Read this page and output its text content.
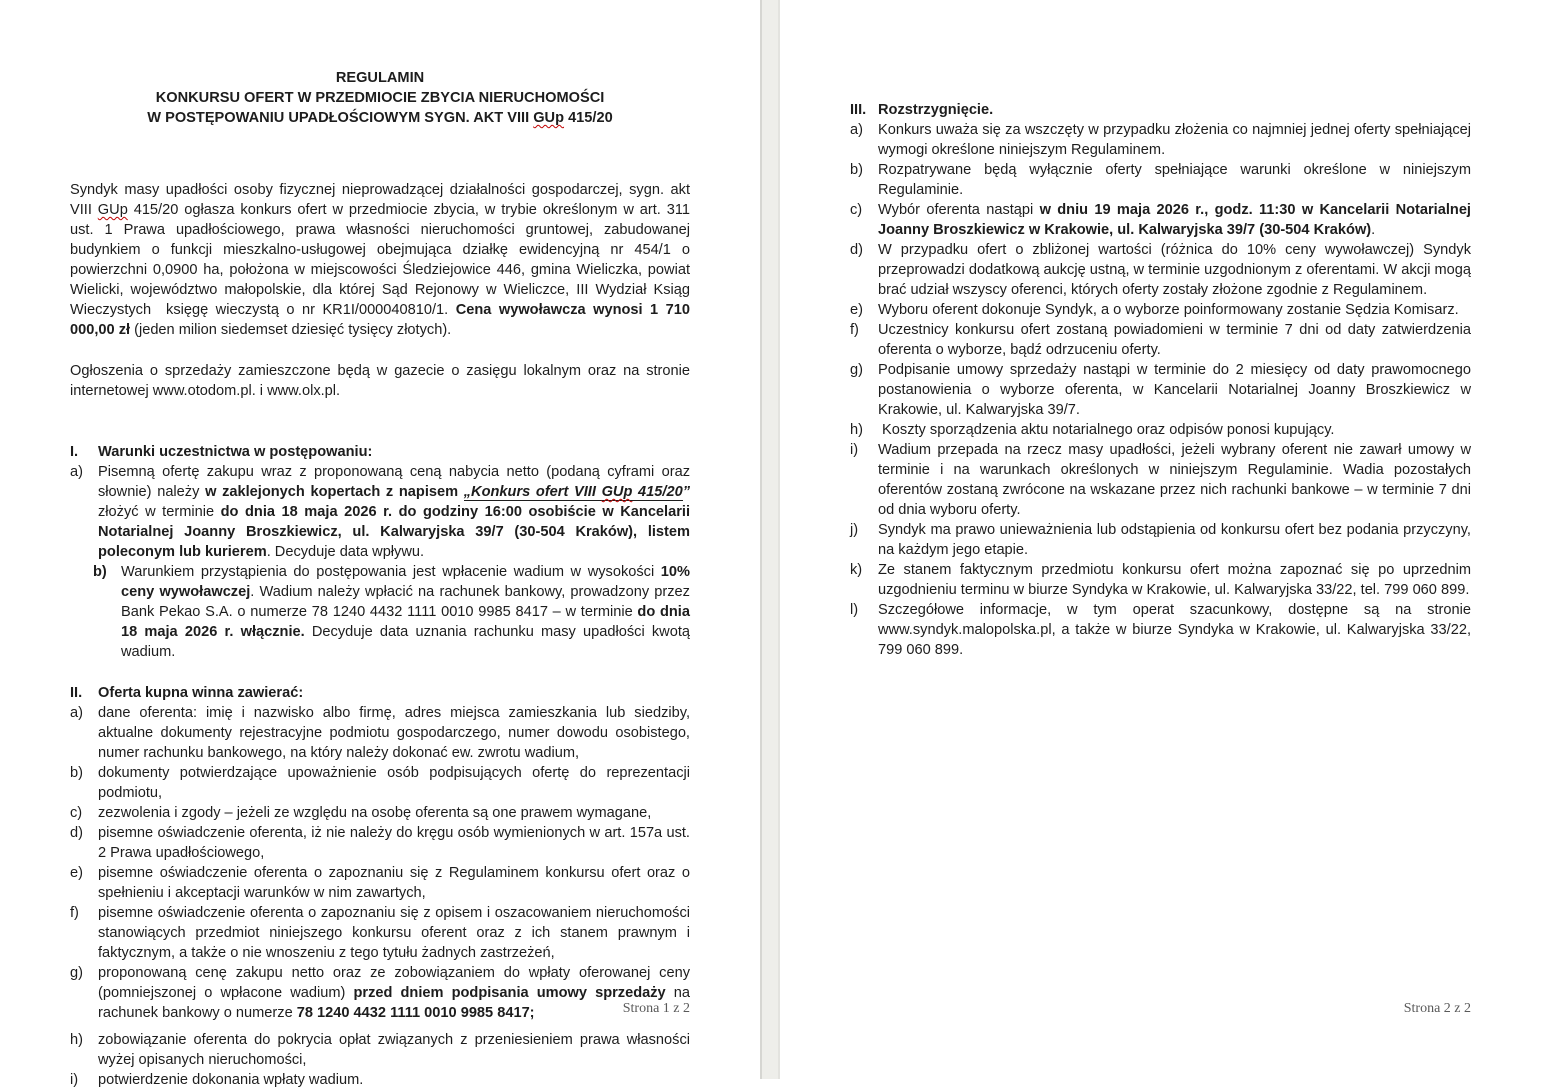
REGULAMIN
KONKURSU OFERT W PRZEDMIOCIE ZBYCIA NIERUCHOMOŚCI
W POSTĘPOWANIU UPADŁOŚCIOWYM SYGN. AKT VIII GUp 415/20
Syndyk masy upadłości osoby fizycznej nieprowadzącej działalności gospodarczej, sygn. akt VIII GUp 415/20 ogłasza konkurs ofert w przedmiocie zbycia, w trybie określonym w art. 311 ust. 1 Prawa upadłościowego, prawa własności nieruchomości gruntowej, zabudowanej budynkiem o funkcji mieszkalno-usługowej obejmująca działkę ewidencyjną nr 454/1 o powierzchni 0,0900 ha, położona w miejscowości Śledziejowice 446, gmina Wieliczka, powiat Wielicki, województwo małopolskie, dla której Sąd Rejonowy w Wieliczce, III Wydział Ksiąg Wieczystych  księgę wieczystą o nr KR1I/000040810/1. Cena wywoławcza wynosi 1 710 000,00 zł (jeden milion siedemset dziesięć tysięcy złotych).
Ogłoszenia o sprzedaży zamieszczone będą w gazecie o zasięgu lokalnym oraz na stronie internetowej www.otodom.pl. i www.olx.pl.
I. Warunki uczestnictwa w postępowaniu:
a) Pisemną ofertę zakupu wraz z proponowaną ceną nabycia netto (podaną cyframi oraz słownie) należy w zaklejonych kopertach z napisem „Konkurs ofert VIII GUp 415/20” złożyć w terminie do dnia 18 maja 2026 r. do godziny 16:00 osobiście w Kancelarii Notarialnej Joanny Broszkiewicz, ul. Kalwaryjska 39/7 (30-504 Kraków), listem poleconym lub kurierem. Decyduje data wpływu.
b) Warunkiem przystąpienia do postępowania jest wpłacenie wadium w wysokości 10% ceny wywoławczej. Wadium należy wpłacić na rachunek bankowy, prowadzony przez Bank Pekao S.A. o numerze 78 1240 4432 1111 0010 9985 8417 – w terminie do dnia 18 maja 2026 r. włącznie. Decyduje data uznania rachunku masy upadłości kwotą wadium.
II. Oferta kupna winna zawierać:
a) dane oferenta: imię i nazwisko albo firmę, adres miejsca zamieszkania lub siedziby, aktualne dokumenty rejestracyjne podmiotu gospodarczego, numer dowodu osobistego, numer rachunku bankowego, na który należy dokonać ew. zwrotu wadium,
b) dokumenty potwierdzające upoważnienie osób podpisujących ofertę do reprezentacji podmiotu,
c) zezwolenia i zgody – jeżeli ze względu na osobę oferenta są one prawem wymagane,
d) pisemne oświadczenie oferenta, iż nie należy do kręgu osób wymienionych w art. 157a ust. 2 Prawa upadłościowego,
e) pisemne oświadczenie oferenta o zapoznaniu się z Regulaminem konkursu ofert oraz o spełnieniu i akceptacji warunków w nim zawartych,
f) pisemne oświadczenie oferenta o zapoznaniu się z opisem i oszacowaniem nieruchomości stanowiących przedmiot niniejszego konkursu oferent oraz z ich stanem prawnym i faktycznym, a także o nie wnoszeniu z tego tytułu żadnych zastrzeżeń,
g) proponowaną cenę zakupu netto oraz ze zobowiązaniem do wpłaty oferowanej ceny (pomniejszonej o wpłacone wadium) przed dniem podpisania umowy sprzedaży na rachunek bankowy o numerze 78 1240 4432 1111 0010 9985 8417;
h) zobowiązanie oferenta do pokrycia opłat związanych z przeniesieniem prawa własności wyżej opisanych nieruchomości,
i) potwierdzenie dokonania wpłaty wadium.
Strona 1 z 2
III. Rozstrzygnięcie.
a) Konkurs uważa się za wszczęty w przypadku złożenia co najmniej jednej oferty spełniającej wymogi określone niniejszym Regulaminem.
b) Rozpatrywane będą wyłącznie oferty spełniające warunki określone w niniejszym Regulaminie.
c) Wybór oferenta nastąpi w dniu 19 maja 2026 r., godz. 11:30 w Kancelarii Notarialnej Joanny Broszkiewicz w Krakowie, ul. Kalwaryjska 39/7 (30-504 Kraków).
d) W przypadku ofert o zbliżonej wartości (różnica do 10% ceny wywoławczej) Syndyk przeprowadzi dodatkową aukcję ustną, w terminie uzgodnionym z oferentami. W akcji mogą brać udział wszyscy oferenci, których oferty zostały złożone zgodnie z Regulaminem.
e) Wyboru oferent dokonuje Syndyk, a o wyborze poinformowany zostanie Sędzia Komisarz.
f) Uczestnicy konkursu ofert zostaną powiadomieni w terminie 7 dni od daty zatwierdzenia oferenta o wyborze, bądź odrzuceniu oferty.
g) Podpisanie umowy sprzedaży nastąpi w terminie do 2 miesięcy od daty prawomocnego postanowienia o wyborze oferenta, w Kancelarii Notarialnej Joanny Broszkiewicz w Krakowie, ul. Kalwaryjska 39/7.
h) Koszty sporządzenia aktu notarialnego oraz odpisów ponosi kupujący.
i) Wadium przepada na rzecz masy upadłości, jeżeli wybrany oferent nie zawarł umowy w terminie i na warunkach określonych w niniejszym Regulaminie. Wadia pozostałych oferentów zostaną zwrócone na wskazane przez nich rachunki bankowe – w terminie 7 dni od dnia wyboru oferty.
j) Syndyk ma prawo unieważnienia lub odstąpienia od konkursu ofert bez podania przyczyny, na każdym jego etapie.
k) Ze stanem faktycznym przedmiotu konkursu ofert można zapoznać się po uprzednim uzgodnieniu terminu w biurze Syndyka w Krakowie, ul. Kalwaryjska 33/22, tel. 799 060 899.
l) Szczegółowe informacje, w tym operat szacunkowy, dostępne są na stronie www.syndyk.malopolska.pl, a także w biurze Syndyka w Krakowie, ul. Kalwaryjska 33/22, 799 060 899.
Strona 2 z 2
